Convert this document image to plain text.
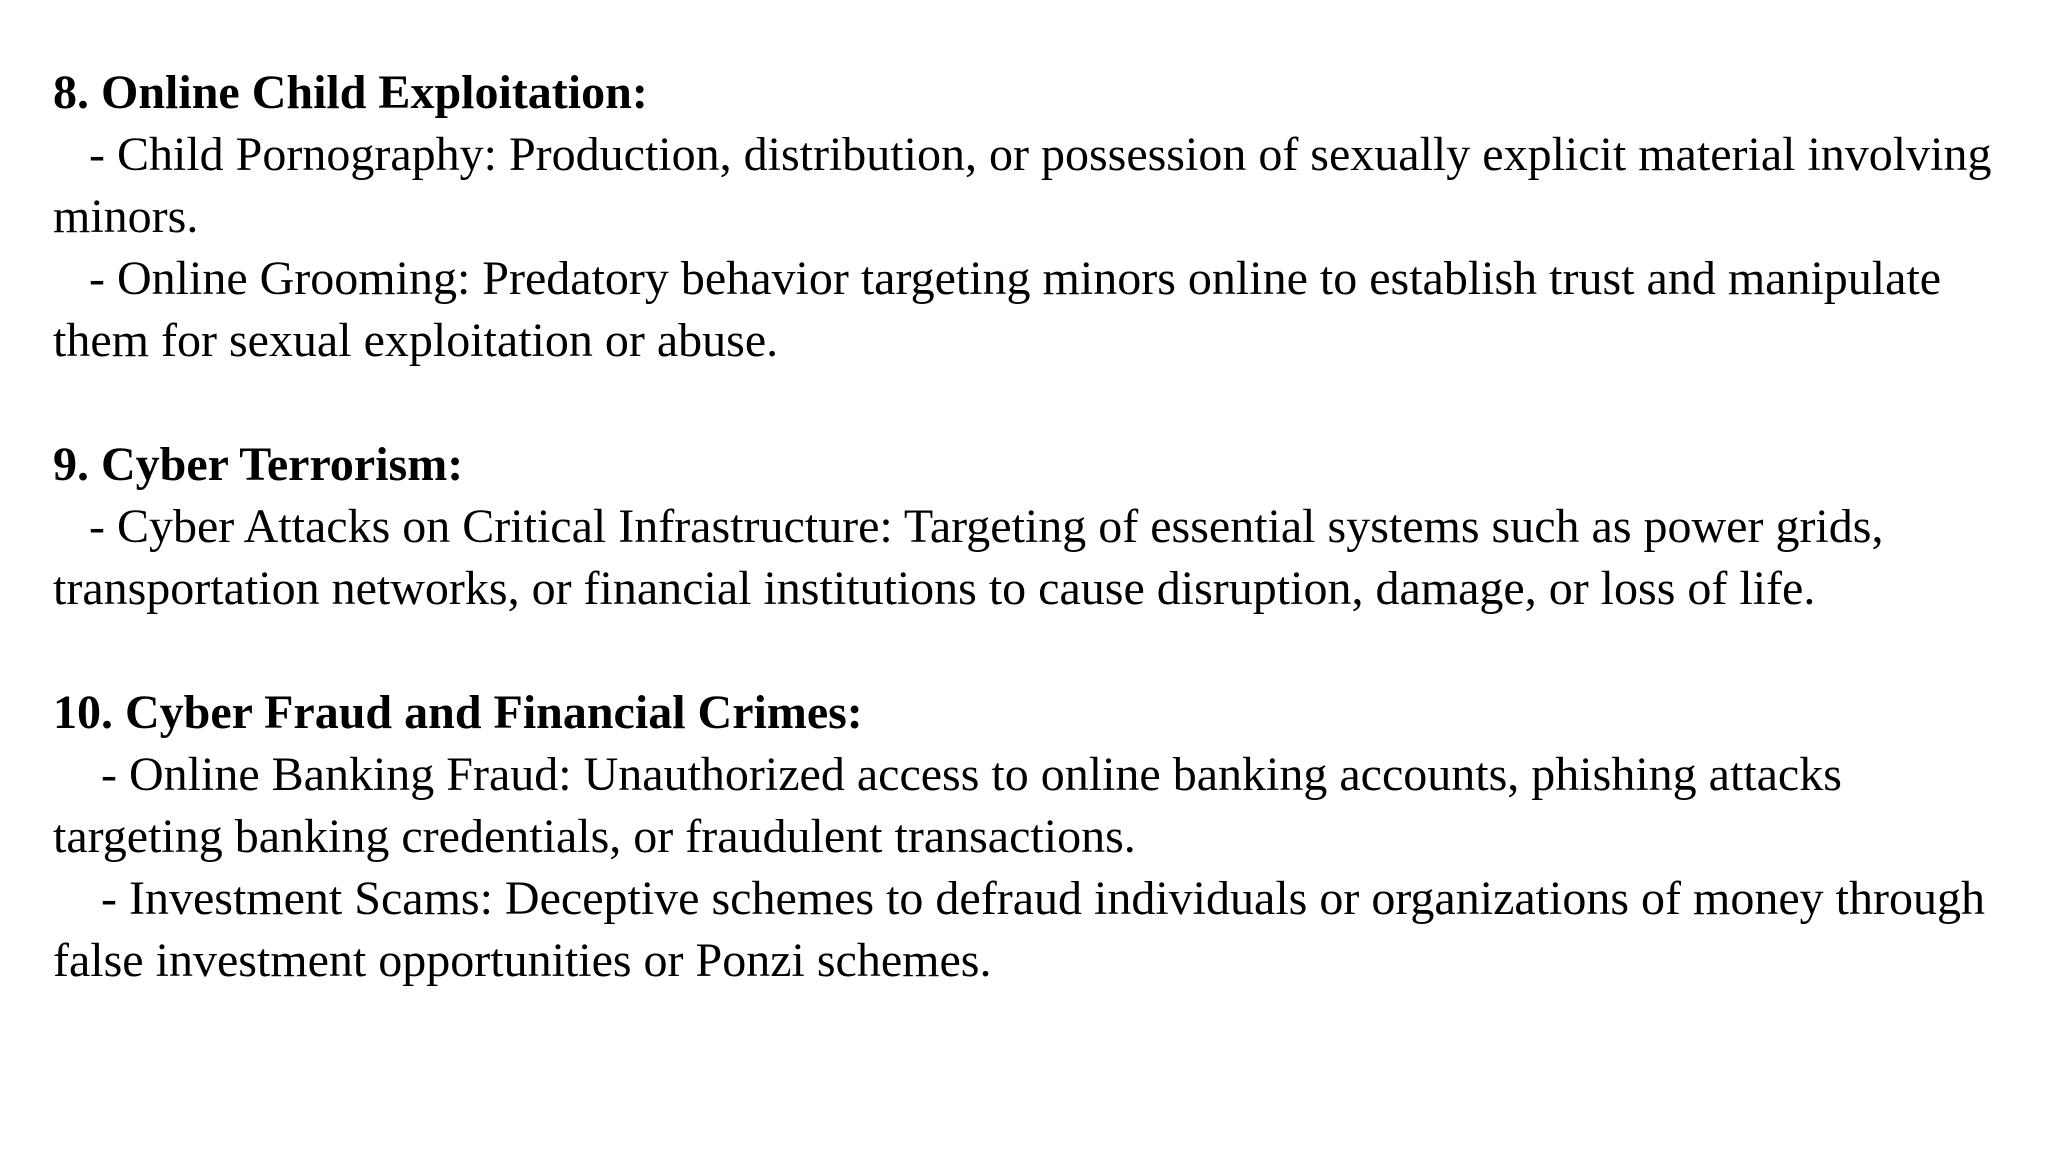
8. Online Child Exploitation:
- Child Pornography: Production, distribution, or possession of sexually explicit material involving minors.
- Online Grooming: Predatory behavior targeting minors online to establish trust and manipulate them for sexual exploitation or abuse.
9. Cyber Terrorism:
- Cyber Attacks on Critical Infrastructure: Targeting of essential systems such as power grids, transportation networks, or financial institutions to cause disruption, damage, or loss of life.
10. Cyber Fraud and Financial Crimes:
- Online Banking Fraud: Unauthorized access to online banking accounts, phishing attacks targeting banking credentials, or fraudulent transactions.
- Investment Scams: Deceptive schemes to defraud individuals or organizations of money through false investment opportunities or Ponzi schemes.
